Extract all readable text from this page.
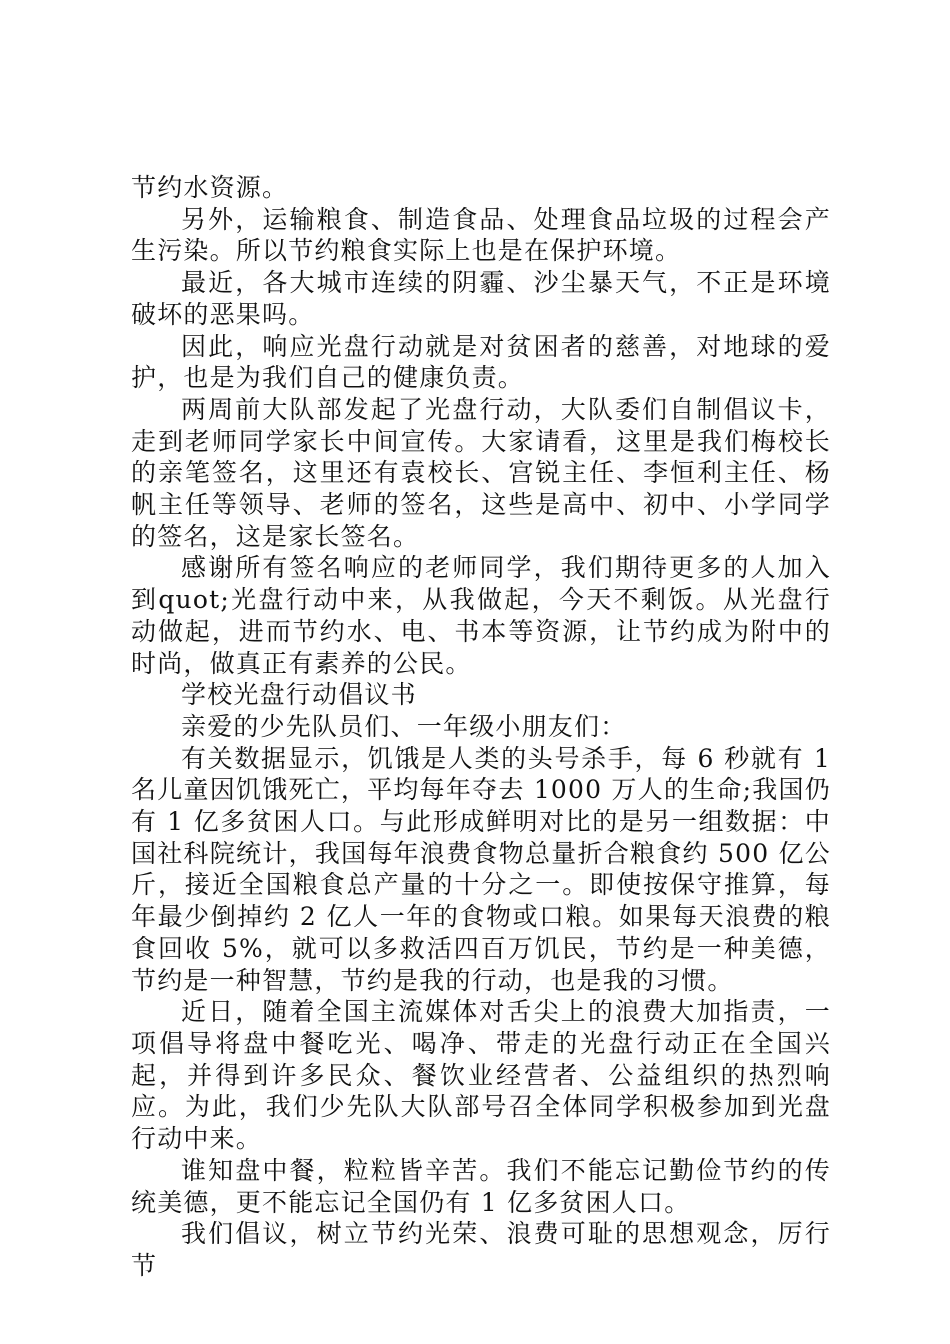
节约水资源。

另外，运输粮食、制造食品、处理食品垃圾的过程会产生污染。所以节约粮食实际上也是在保护环境。

最近，各大城市连续的阴霾、沙尘暴天气，不正是环境破坏的恶果吗。

因此，响应光盘行动就是对贫困者的慈善，对地球的爱护，也是为我们自己的健康负责。

两周前大队部发起了光盘行动，大队委们自制倡议卡，走到老师同学家长中间宣传。大家请看，这里是我们梅校长的亲笔签名，这里还有袁校长、宫锐主任、李恒利主任、杨帆主任等领导、老师的签名，这些是高中、初中、小学同学的签名，这是家长签名。

感谢所有签名响应的老师同学，我们期待更多的人加入到quot;光盘行动中来，从我做起，今天不剩饭。从光盘行动做起，进而节约水、电、书本等资源，让节约成为附中的时尚，做真正有素养的公民。

学校光盘行动倡议书

亲爱的少先队员们、一年级小朋友们：

有关数据显示，饥饿是人类的头号杀手，每 6 秒就有 1 名儿童因饥饿死亡，平均每年夺去 1000 万人的生命;我国仍有 1 亿多贫困人口。与此形成鲜明对比的是另一组数据：中国社科院统计，我国每年浪费食物总量折合粮食约 500 亿公斤，接近全国粮食总产量的十分之一。即使按保守推算，每年最少倒掉约 2 亿人一年的食物或口粮。如果每天浪费的粮食回收 5%，就可以多救活四百万饥民，节约是一种美德，节约是一种智慧，节约是我的行动，也是我的习惯。

近日，随着全国主流媒体对舌尖上的浪费大加指责，一项倡导将盘中餐吃光、喝净、带走的光盘行动正在全国兴起，并得到许多民众、餐饮业经营者、公益组织的热烈响应。为此，我们少先队大队部号召全体同学积极参加到光盘行动中来。

谁知盘中餐，粒粒皆辛苦。我们不能忘记勤俭节约的传统美德，更不能忘记全国仍有 1 亿多贫困人口。

我们倡议，树立节约光荣、浪费可耻的思想观念，厉行节
